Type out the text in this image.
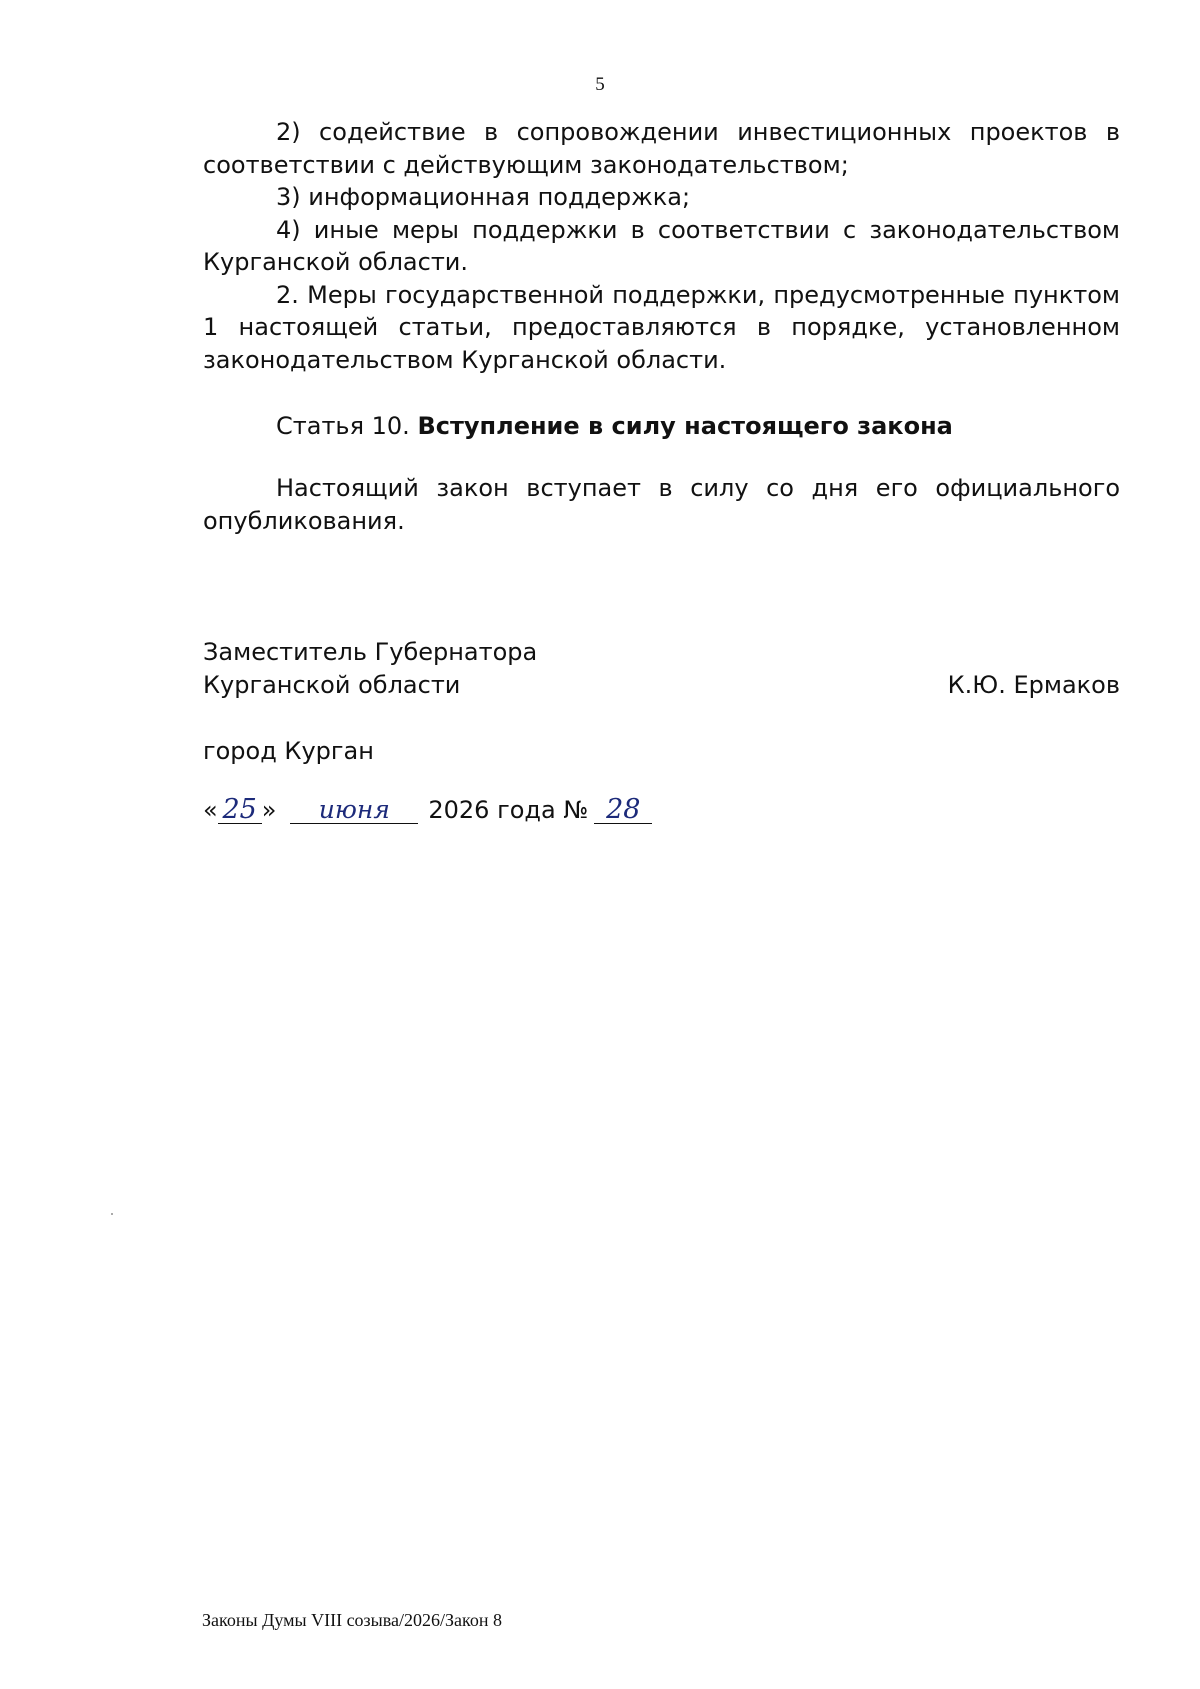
5

2) содействие в сопровождении инвестиционных проектов в соответствии с действующим законодательством;

3) информационная поддержка;

4) иные меры поддержки в соответствии с законодательством Курганской области.

2. Меры государственной поддержки, предусмотренные пунктом 1 настоящей статьи, предоставляются в порядке, установленном законодательством Курганской области.

Статья 10. Вступление в силу настоящего закона

Настоящий закон вступает в силу со дня его официального опубликования.

Заместитель Губернатора
Курганской области	К.Ю. Ермаков
город Курган
« 25 »	июня	2026 года № 28
Законы Думы VIII созыва/2026/Закон 8
